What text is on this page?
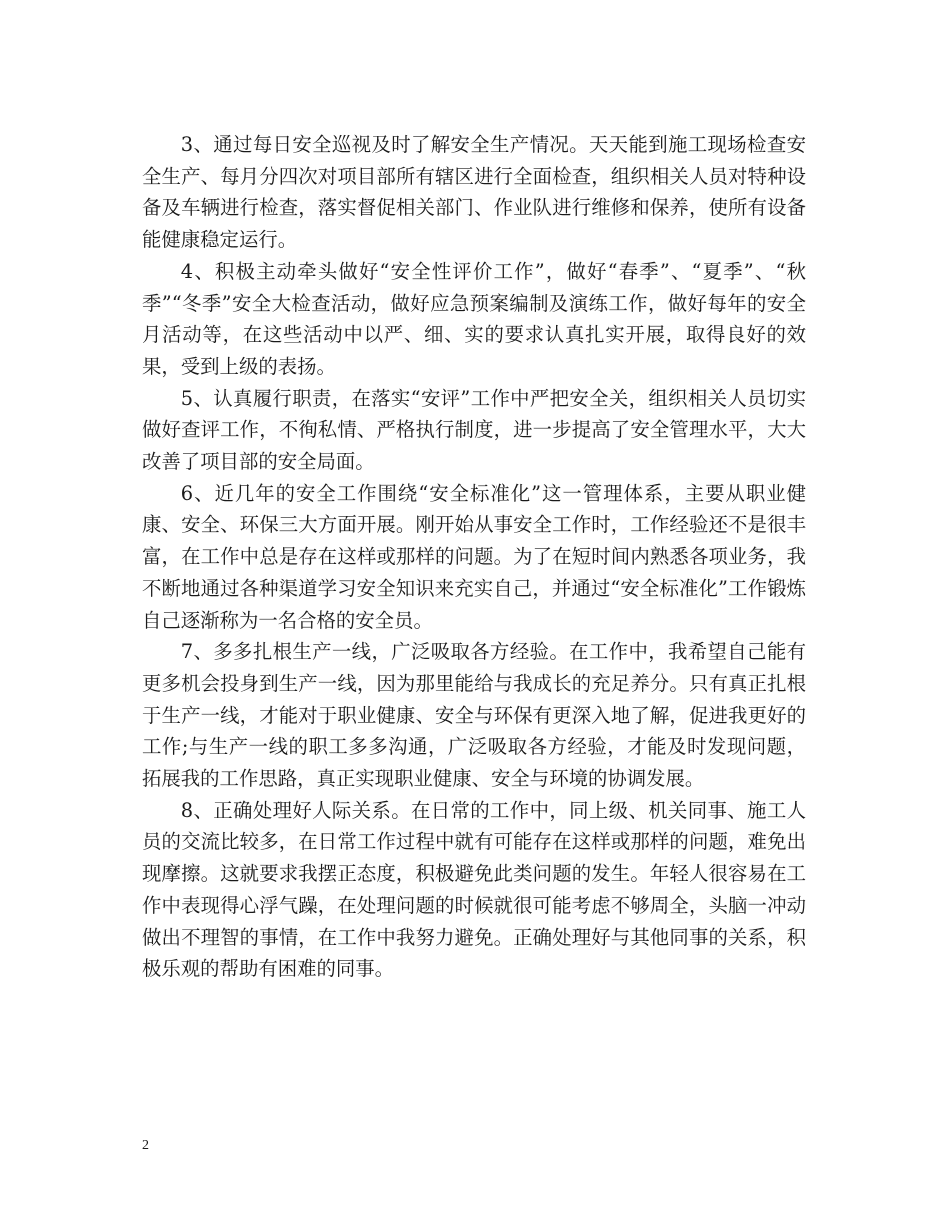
3、通过每日安全巡视及时了解安全生产情况。天天能到施工现场检查安全生产、每月分四次对项目部所有辖区进行全面检查，组织相关人员对特种设备及车辆进行检查，落实督促相关部门、作业队进行维修和保养，使所有设备能健康稳定运行。

4、积极主动牵头做好“安全性评价工作”，做好“春季”、“夏季”、“秋季”“冬季”安全大检查活动，做好应急预案编制及演练工作，做好每年的安全月活动等，在这些活动中以严、细、实的要求认真扎实开展，取得良好的效果，受到上级的表扬。

5、认真履行职责，在落实“安评”工作中严把安全关，组织相关人员切实做好查评工作，不徇私情、严格执行制度，进一步提高了安全管理水平，大大改善了项目部的安全局面。

6、近几年的安全工作围绕“安全标准化”这一管理体系，主要从职业健康、安全、环保三大方面开展。刚开始从事安全工作时，工作经验还不是很丰富，在工作中总是存在这样或那样的问题。为了在短时间内熟悉各项业务，我不断地通过各种渠道学习安全知识来充实自己，并通过“安全标准化”工作锻炼自己逐渐称为一名合格的安全员。

7、多多扎根生产一线，广泛吸取各方经验。在工作中，我希望自己能有更多机会投身到生产一线，因为那里能给与我成长的充足养分。只有真正扎根于生产一线，才能对于职业健康、安全与环保有更深入地了解，促进我更好的工作;与生产一线的职工多多沟通，广泛吸取各方经验，才能及时发现问题，拓展我的工作思路，真正实现职业健康、安全与环境的协调发展。

8、正确处理好人际关系。在日常的工作中，同上级、机关同事、施工人员的交流比较多，在日常工作过程中就有可能存在这样或那样的问题，难免出现摩擦。这就要求我摆正态度，积极避免此类问题的发生。年轻人很容易在工作中表现得心浮气躁，在处理问题的时候就很可能考虑不够周全，头脑一冲动做出不理智的事情，在工作中我努力避免。正确处理好与其他同事的关系，积极乐观的帮助有困难的同事。

2
